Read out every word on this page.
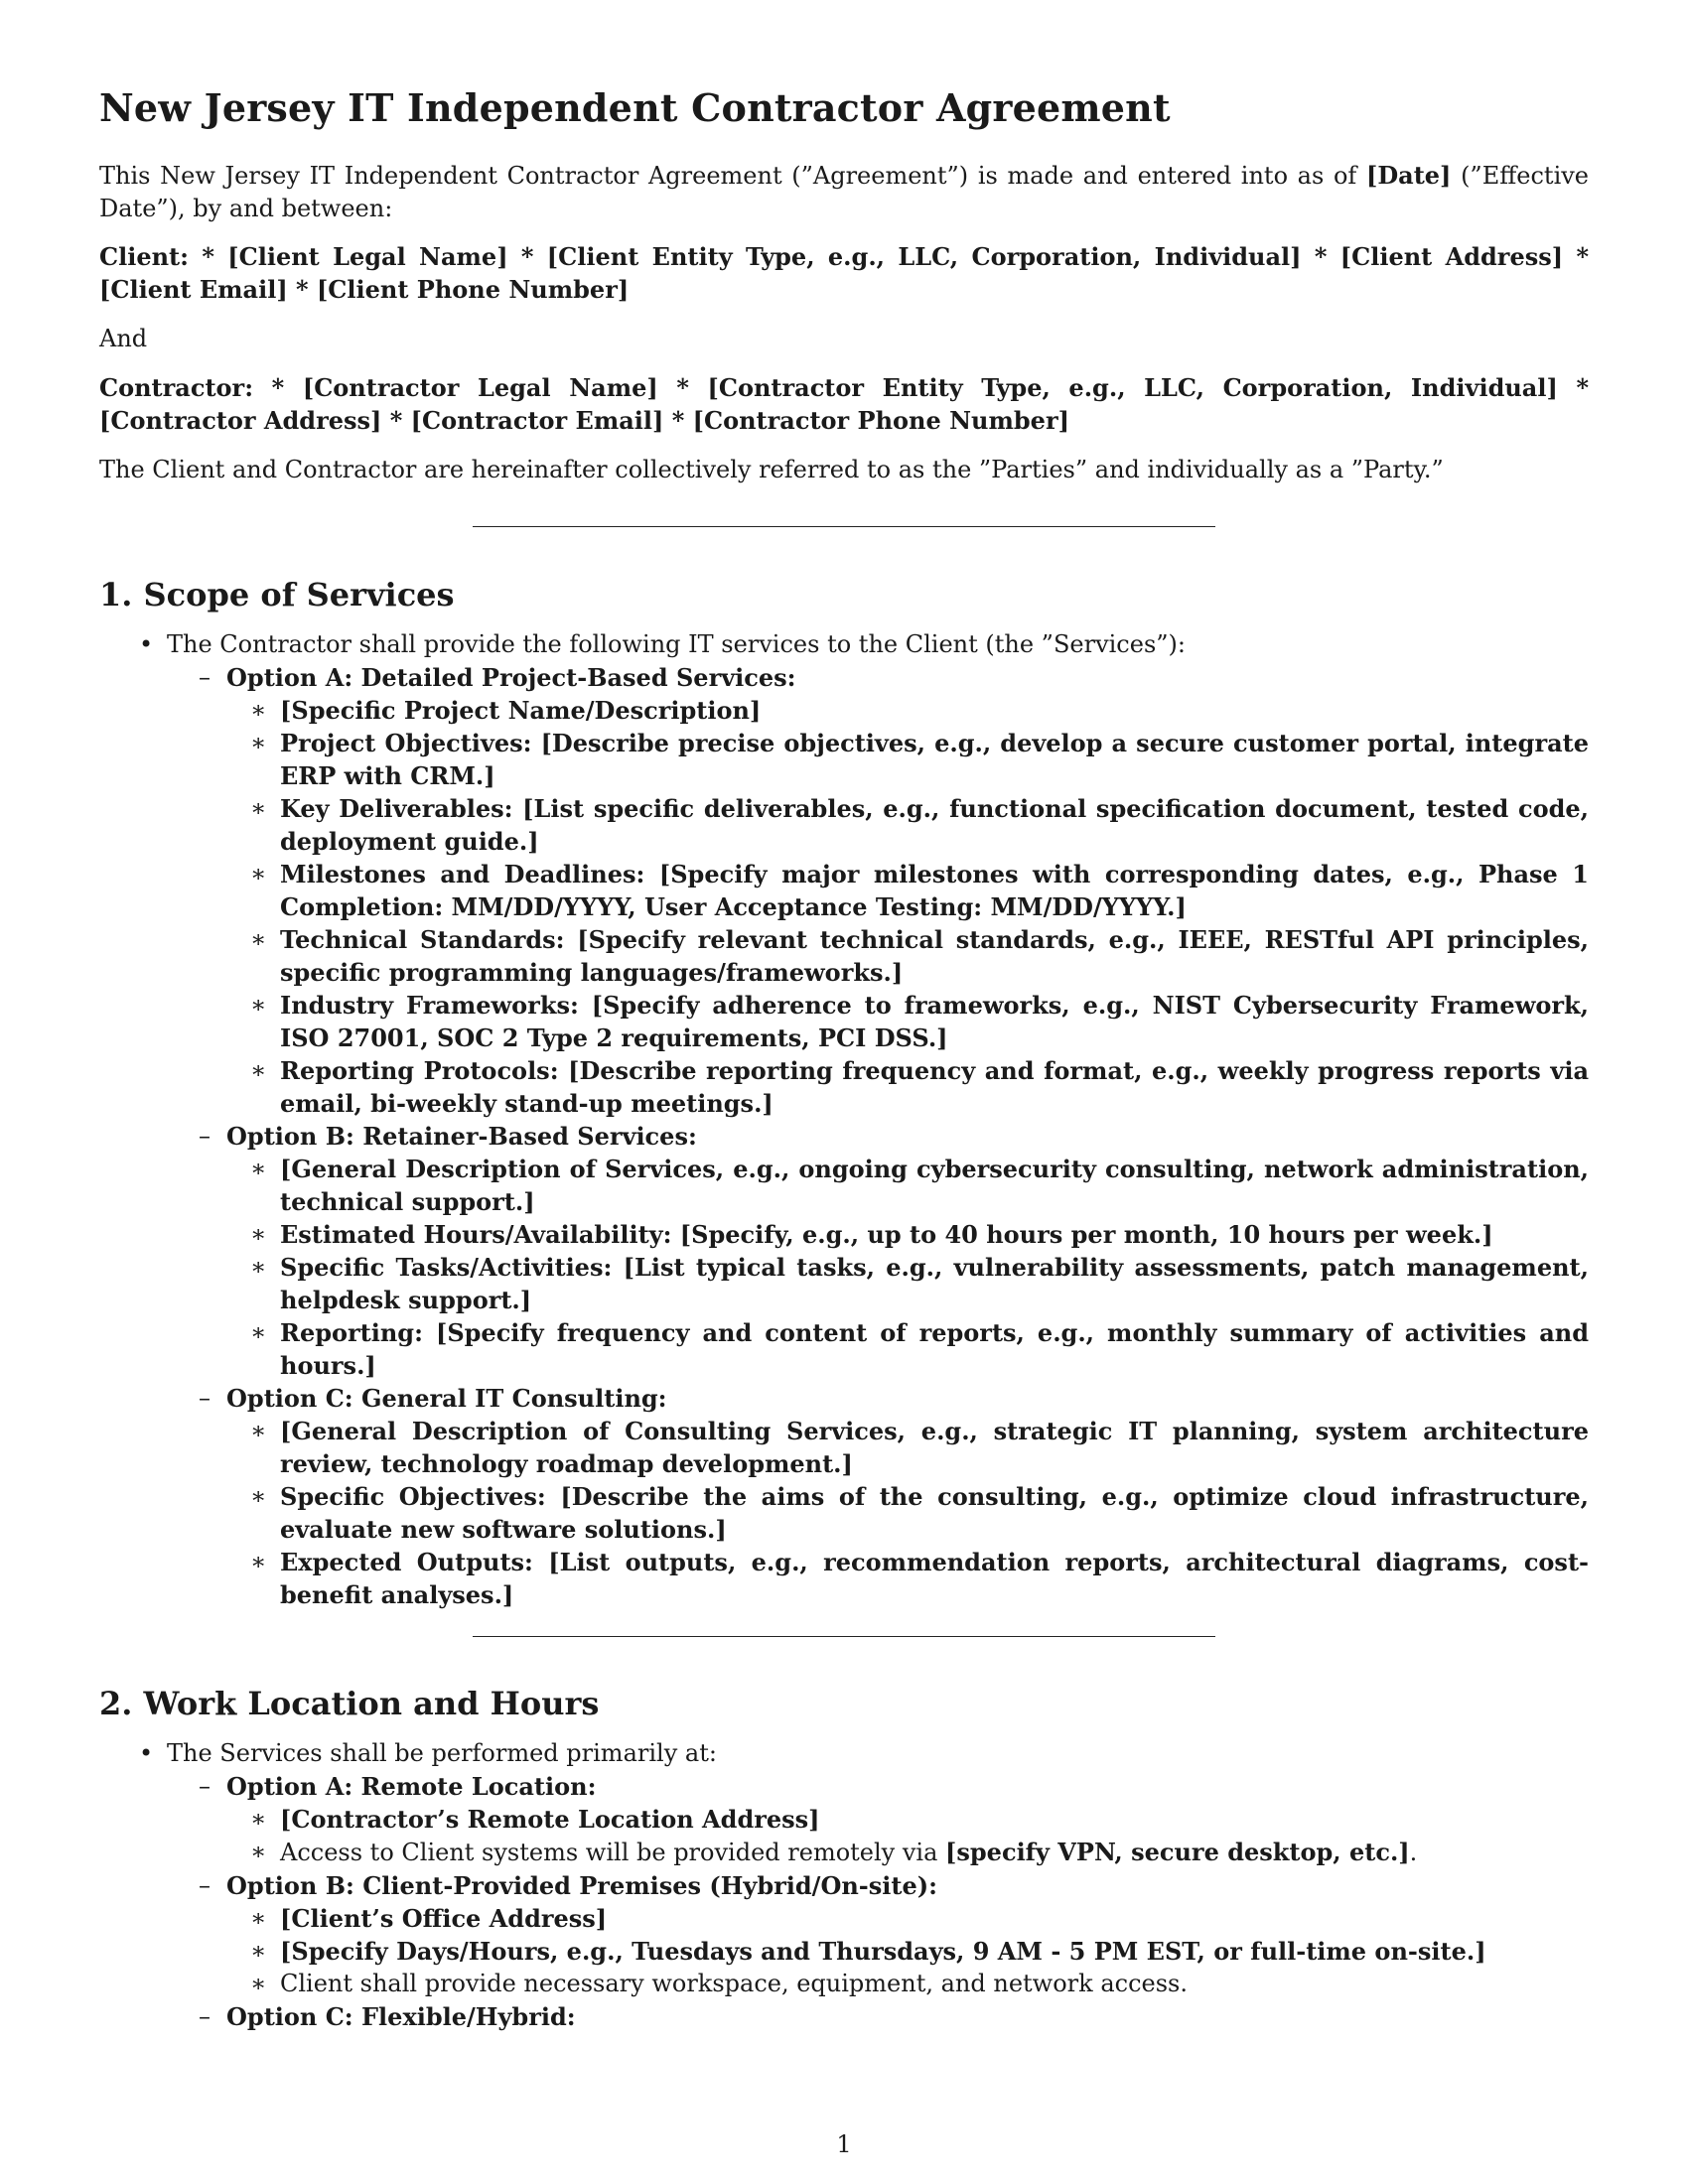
New Jersey IT Independent Contractor Agreement

This New Jersey IT Independent Contractor Agreement (”Agreement”) is made and entered into as of [Date] (”Effective Date”), by and between:

Client: * [Client Legal Name] * [Client Entity Type, e.g., LLC, Corporation, Individual] * [Client Address] * [Client Email] * [Client Phone Number]

And

Contractor: * [Contractor Legal Name] * [Contractor Entity Type, e.g., LLC, Corporation, Individual] * [Contractor Address] * [Contractor Email] * [Contractor Phone Number]

The Client and Contractor are hereinafter collectively referred to as the ”Parties” and individually as a ”Party.”

1. Scope of Services
• The Contractor shall provide the following IT services to the Client (the ”Services”):
– Option A: Detailed Project-Based Services:
∗ [Specific Project Name/Description]
∗ Project Objectives: [Describe precise objectives, e.g., develop a secure customer portal, integrate ERP with CRM.]
∗ Key Deliverables: [List specific deliverables, e.g., functional specification document, tested code, deployment guide.]
∗ Milestones and Deadlines: [Specify major milestones with corresponding dates, e.g., Phase 1 Completion: MM/DD/YYYY, User Acceptance Testing: MM/DD/YYYY.]
∗ Technical Standards: [Specify relevant technical standards, e.g., IEEE, RESTful API principles, specific programming languages/frameworks.]
∗ Industry Frameworks: [Specify adherence to frameworks, e.g., NIST Cybersecurity Framework, ISO 27001, SOC 2 Type 2 requirements, PCI DSS.]
∗ Reporting Protocols: [Describe reporting frequency and format, e.g., weekly progress reports via email, bi-weekly stand-up meetings.]
– Option B: Retainer-Based Services:
∗ [General Description of Services, e.g., ongoing cybersecurity consulting, network administration, technical support.]
∗ Estimated Hours/Availability: [Specify, e.g., up to 40 hours per month, 10 hours per week.]
∗ Specific Tasks/Activities: [List typical tasks, e.g., vulnerability assessments, patch management, helpdesk support.]
∗ Reporting: [Specify frequency and content of reports, e.g., monthly summary of activities and hours.]
– Option C: General IT Consulting:
∗ [General Description of Consulting Services, e.g., strategic IT planning, system architecture review, technology roadmap development.]
∗ Specific Objectives: [Describe the aims of the consulting, e.g., optimize cloud infrastructure, evaluate new software solutions.]
∗ Expected Outputs: [List outputs, e.g., recommendation reports, architectural diagrams, cost-benefit analyses.]
2. Work Location and Hours
• The Services shall be performed primarily at:
– Option A: Remote Location:
∗ [Contractor’s Remote Location Address]
∗ Access to Client systems will be provided remotely via [specify VPN, secure desktop, etc.].
– Option B: Client-Provided Premises (Hybrid/On-site):
∗ [Client’s Office Address]
∗ [Specify Days/Hours, e.g., Tuesdays and Thursdays, 9 AM - 5 PM EST, or full-time on-site.]
∗ Client shall provide necessary workspace, equipment, and network access.
– Option C: Flexible/Hybrid:
1
